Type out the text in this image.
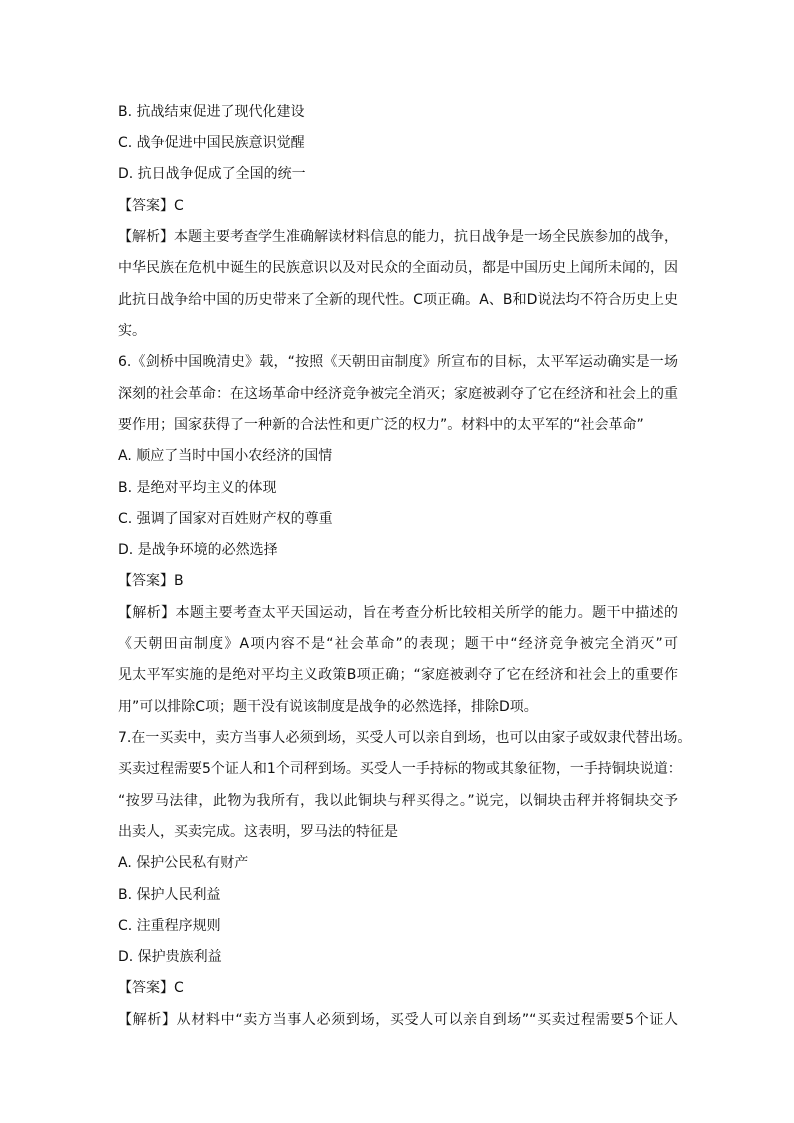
B. 抗战结束促进了现代化建设
C. 战争促进中国民族意识觉醒
D. 抗日战争促成了全国的统一
【答案】C
【解析】本题主要考查学生准确解读材料信息的能力，抗日战争是一场全民族参加的战争，
中华民族在危机中诞生的民族意识以及对民众的全面动员，都是中国历史上闻所未闻的，因
此抗日战争给中国的历史带来了全新的现代性。C项正确。A、B和D说法均不符合历史上史
实。
6.《剑桥中国晚清史》载，“按照《天朝田亩制度》所宣布的目标，太平军运动确实是一场
深刻的社会革命：在这场革命中经济竞争被完全消灭；家庭被剥夺了它在经济和社会上的重
要作用；国家获得了一种新的合法性和更广泛的权力”。材料中的太平军的“社会革命”
A. 顺应了当时中国小农经济的国情
B. 是绝对平均主义的体现
C. 强调了国家对百姓财产权的尊重
D. 是战争环境的必然选择
【答案】B
【解析】本题主要考查太平天国运动，旨在考查分析比较相关所学的能力。题干中描述的
《天朝田亩制度》A项内容不是“社会革命”的表现；题干中“经济竞争被完全消灭”可
见太平军实施的是绝对平均主义政策B项正确；“家庭被剥夺了它在经济和社会上的重要作
用”可以排除C项；题干没有说该制度是战争的必然选择，排除D项。
7.在一买卖中，卖方当事人必须到场，买受人可以亲自到场，也可以由家子或奴隶代替出场。
买卖过程需要5个证人和1个司秤到场。买受人一手持标的物或其象征物，一手持铜块说道：
“按罗马法律，此物为我所有，我以此铜块与秤买得之。”说完，以铜块击秤并将铜块交予
出卖人，买卖完成。这表明，罗马法的特征是
A. 保护公民私有财产
B. 保护人民利益
C. 注重程序规则
D. 保护贵族利益
【答案】C
【解析】从材料中“卖方当事人必须到场，买受人可以亲自到场”“买卖过程需要5个证人
